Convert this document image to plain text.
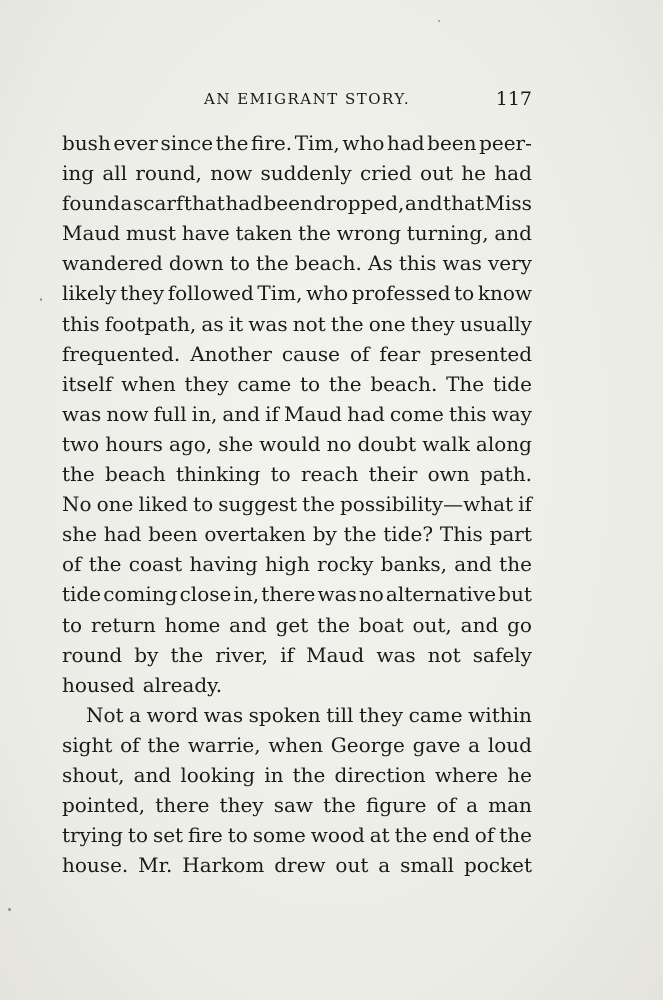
AN EMIGRANT STORY.	117
bush ever since the fire. Tim, who had been peer-
ing all round, now suddenly cried out he had
found a scarf that had been dropped, and that Miss
Maud must have taken the wrong turning, and
wandered down to the beach. As this was very
likely they followed Tim, who professed to know
this footpath, as it was not the one they usually
frequented. Another cause of fear presented
itself when they came to the beach. The tide
was now full in, and if Maud had come this way
two hours ago, she would no doubt walk along
the beach thinking to reach their own path.
No one liked to suggest the possibility—what if
she had been overtaken by the tide? This part
of the coast having high rocky banks, and the
tide coming close in, there was no alternative but
to return home and get the boat out, and go
round by the river, if Maud was not safely
housed already.
Not a word was spoken till they came within
sight of the warrie, when George gave a loud
shout, and looking in the direction where he
pointed, there they saw the figure of a man
trying to set fire to some wood at the end of the
house. Mr. Harkom drew out a small pocket
